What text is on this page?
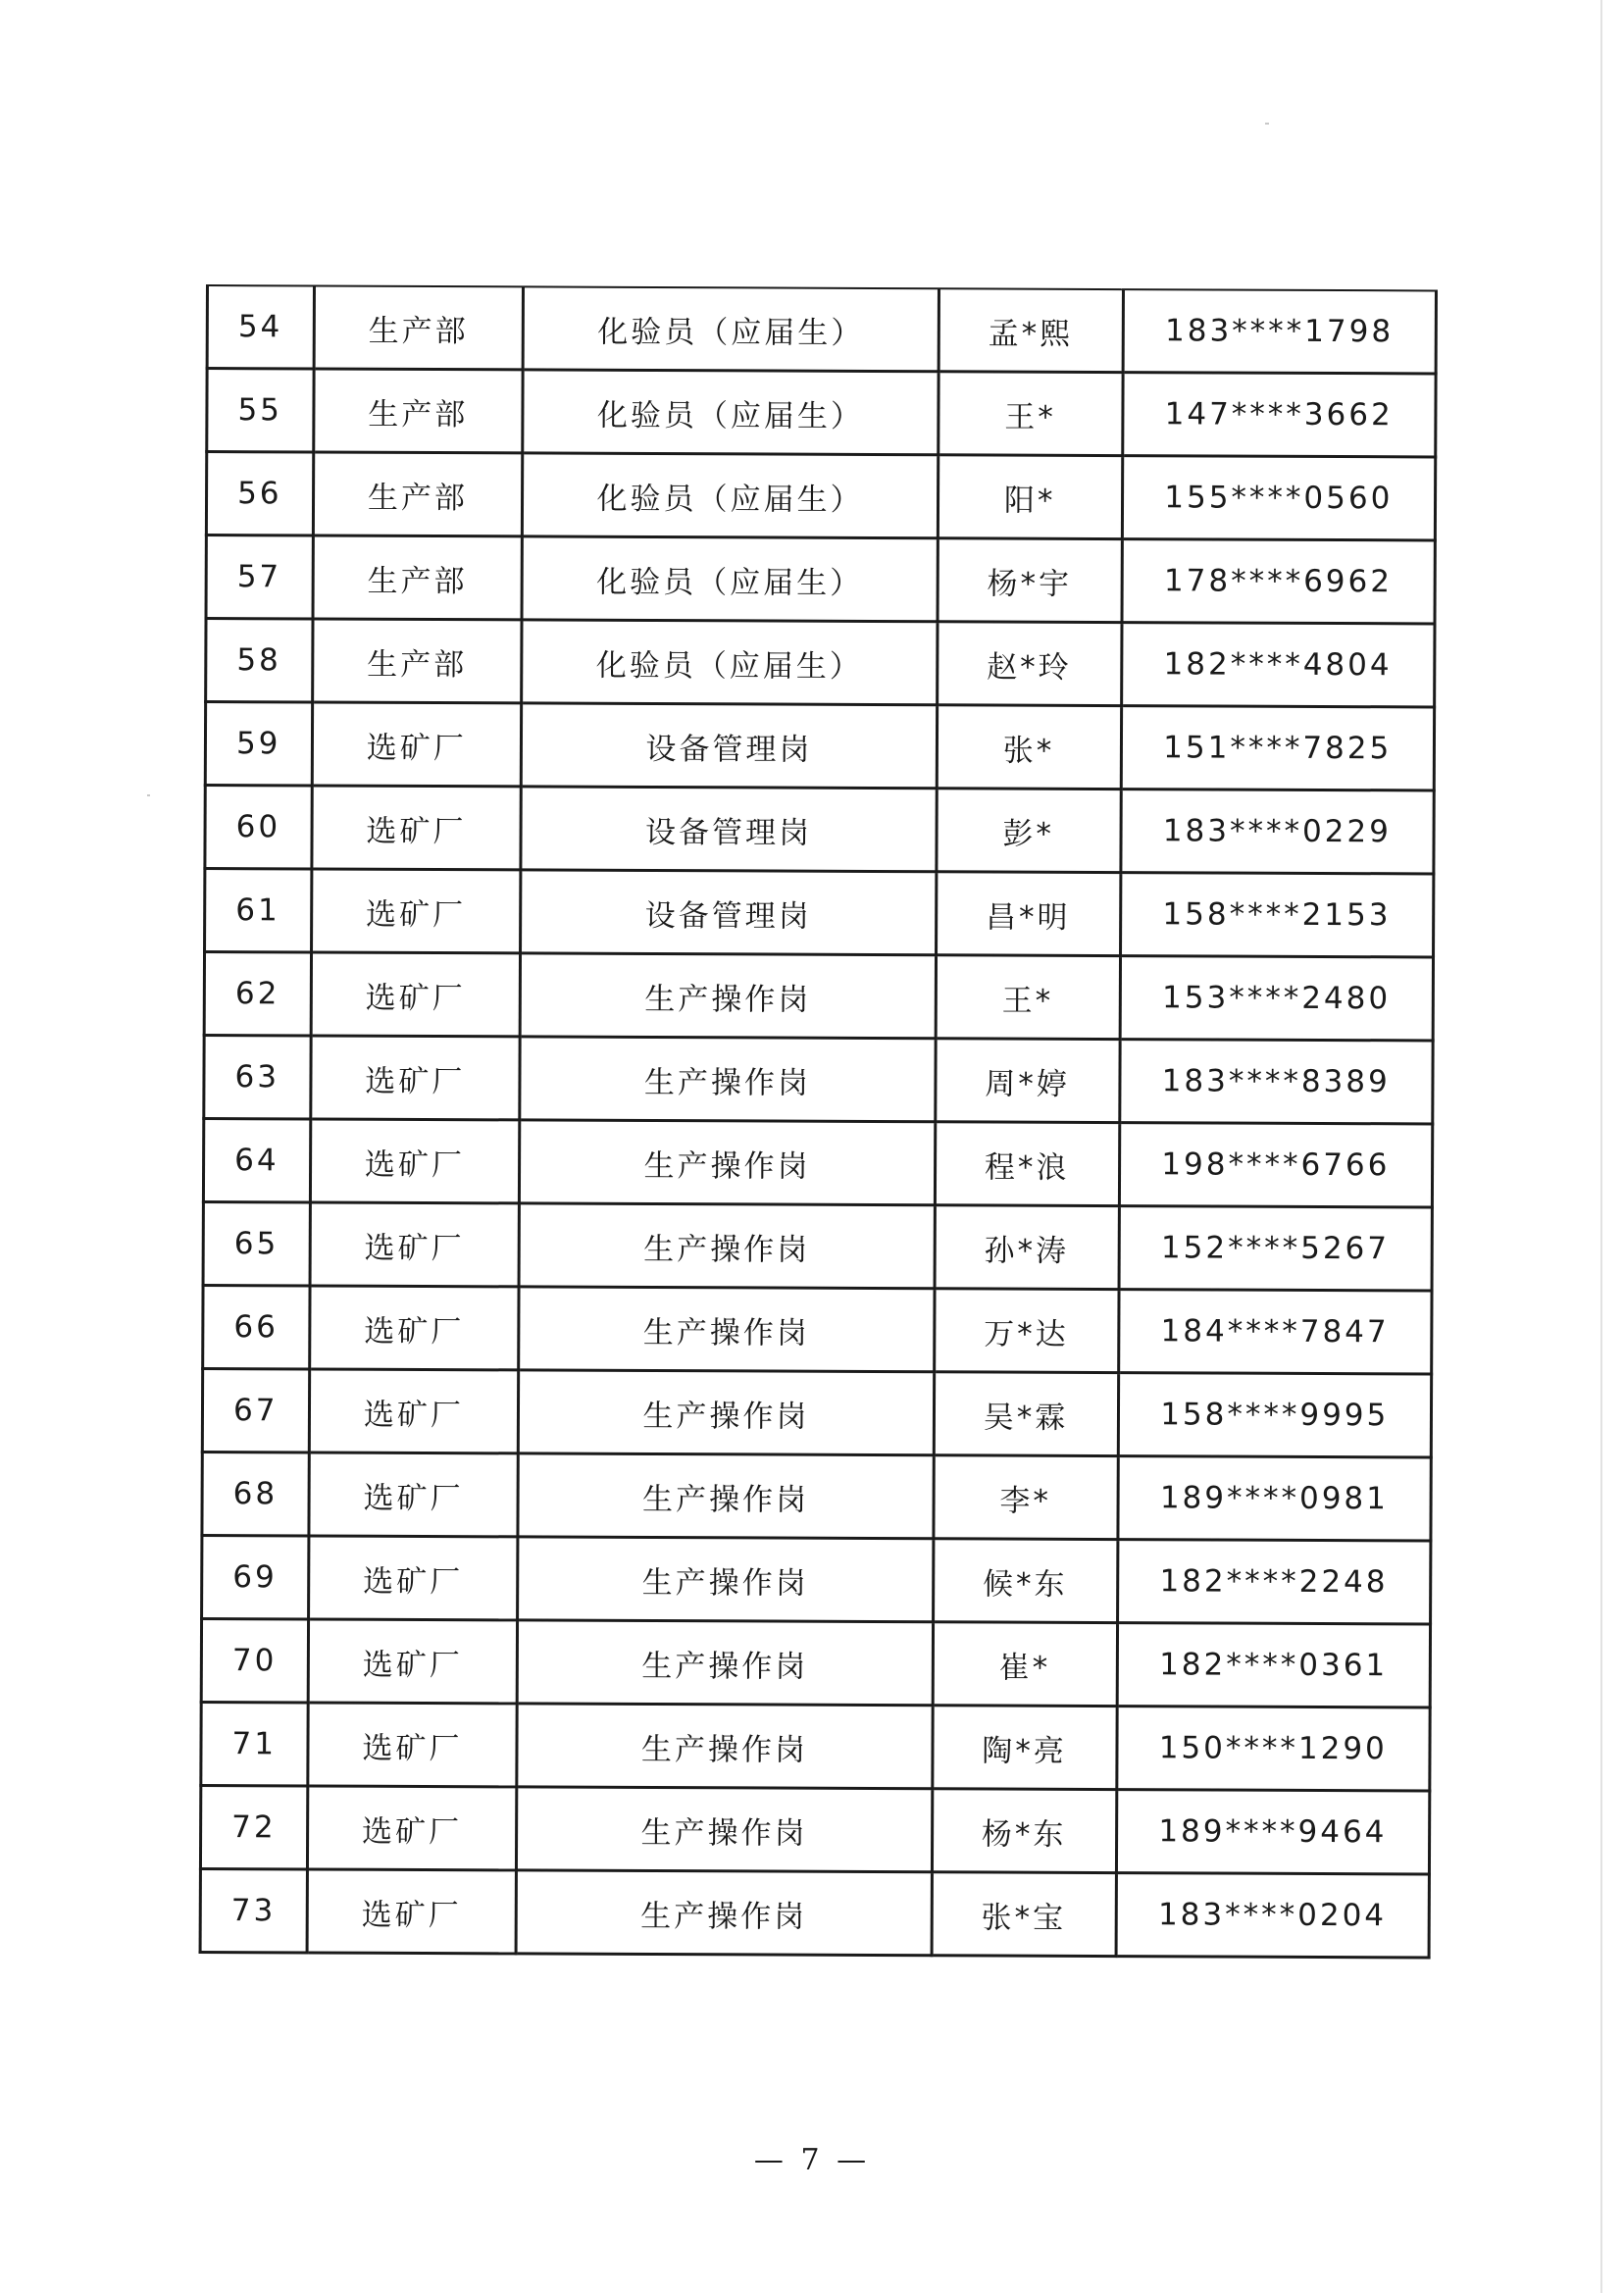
54	生产部	化验员（应届生）	孟*熙	183****1798
55	生产部	化验员（应届生）	王*	147****3662
56	生产部	化验员（应届生）	阳*	155****0560
57	生产部	化验员（应届生）	杨*宇	178****6962
58	生产部	化验员（应届生）	赵*玲	182****4804
59	选矿厂	设备管理岗	张*	151****7825
60	选矿厂	设备管理岗	彭*	183****0229
61	选矿厂	设备管理岗	昌*明	158****2153
62	选矿厂	生产操作岗	王*	153****2480
63	选矿厂	生产操作岗	周*婷	183****8389
64	选矿厂	生产操作岗	程*浪	198****6766
65	选矿厂	生产操作岗	孙*涛	152****5267
66	选矿厂	生产操作岗	万*达	184****7847
67	选矿厂	生产操作岗	吴*霖	158****9995
68	选矿厂	生产操作岗	李*	189****0981
69	选矿厂	生产操作岗	候*东	182****2248
70	选矿厂	生产操作岗	崔*	182****0361
71	选矿厂	生产操作岗	陶*亮	150****1290
72	选矿厂	生产操作岗	杨*东	189****9464
73	选矿厂	生产操作岗	张*宝	183****0204
— 7 —
